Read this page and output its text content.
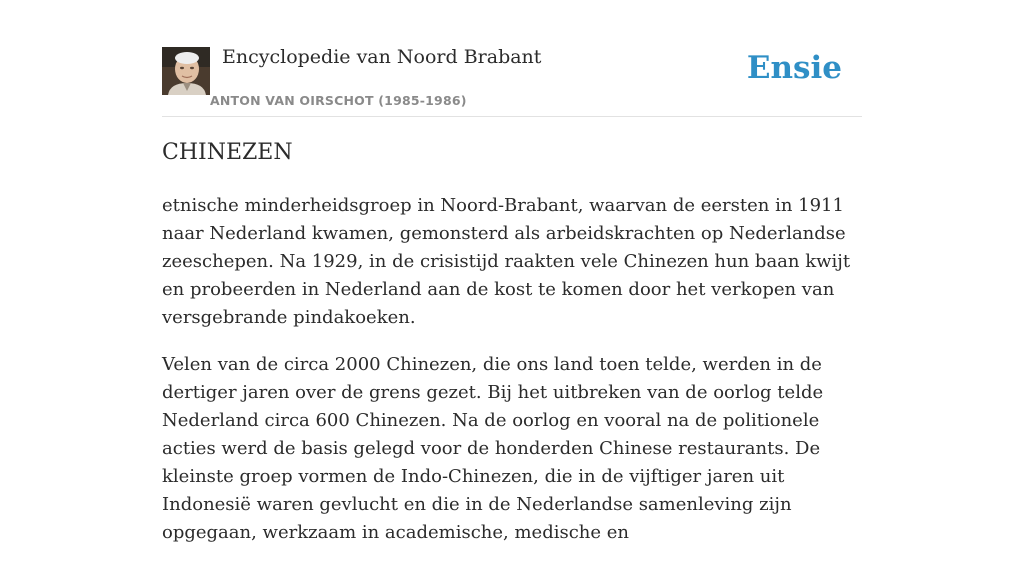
Encyclopedie van Noord Brabant
ANTON VAN OIRSCHOT (1985-1986)
Ensie
CHINEZEN

etnische minderheidsgroep in Noord-Brabant, waarvan de eersten in 1911 naar Nederland kwamen, gemonsterd als arbeidskrachten op Nederlandse zeeschepen. Na 1929, in de crisistijd raakten vele Chinezen hun baan kwijt en probeerden in Nederland aan de kost te komen door het verkopen van versgebrande pindakoeken.

Velen van de circa 2000 Chinezen, die ons land toen telde, werden in de dertiger jaren over de grens gezet. Bij het uitbreken van de oorlog telde Nederland circa 600 Chinezen. Na de oorlog en vooral na de politionele acties werd de basis gelegd voor de honderden Chinese restaurants. De kleinste groep vormen de Indo-Chinezen, die in de vijftiger jaren uit Indonesië waren gevlucht en die in de Nederlandse samenleving zijn opgegaan, werkzaam in academische, medische en
